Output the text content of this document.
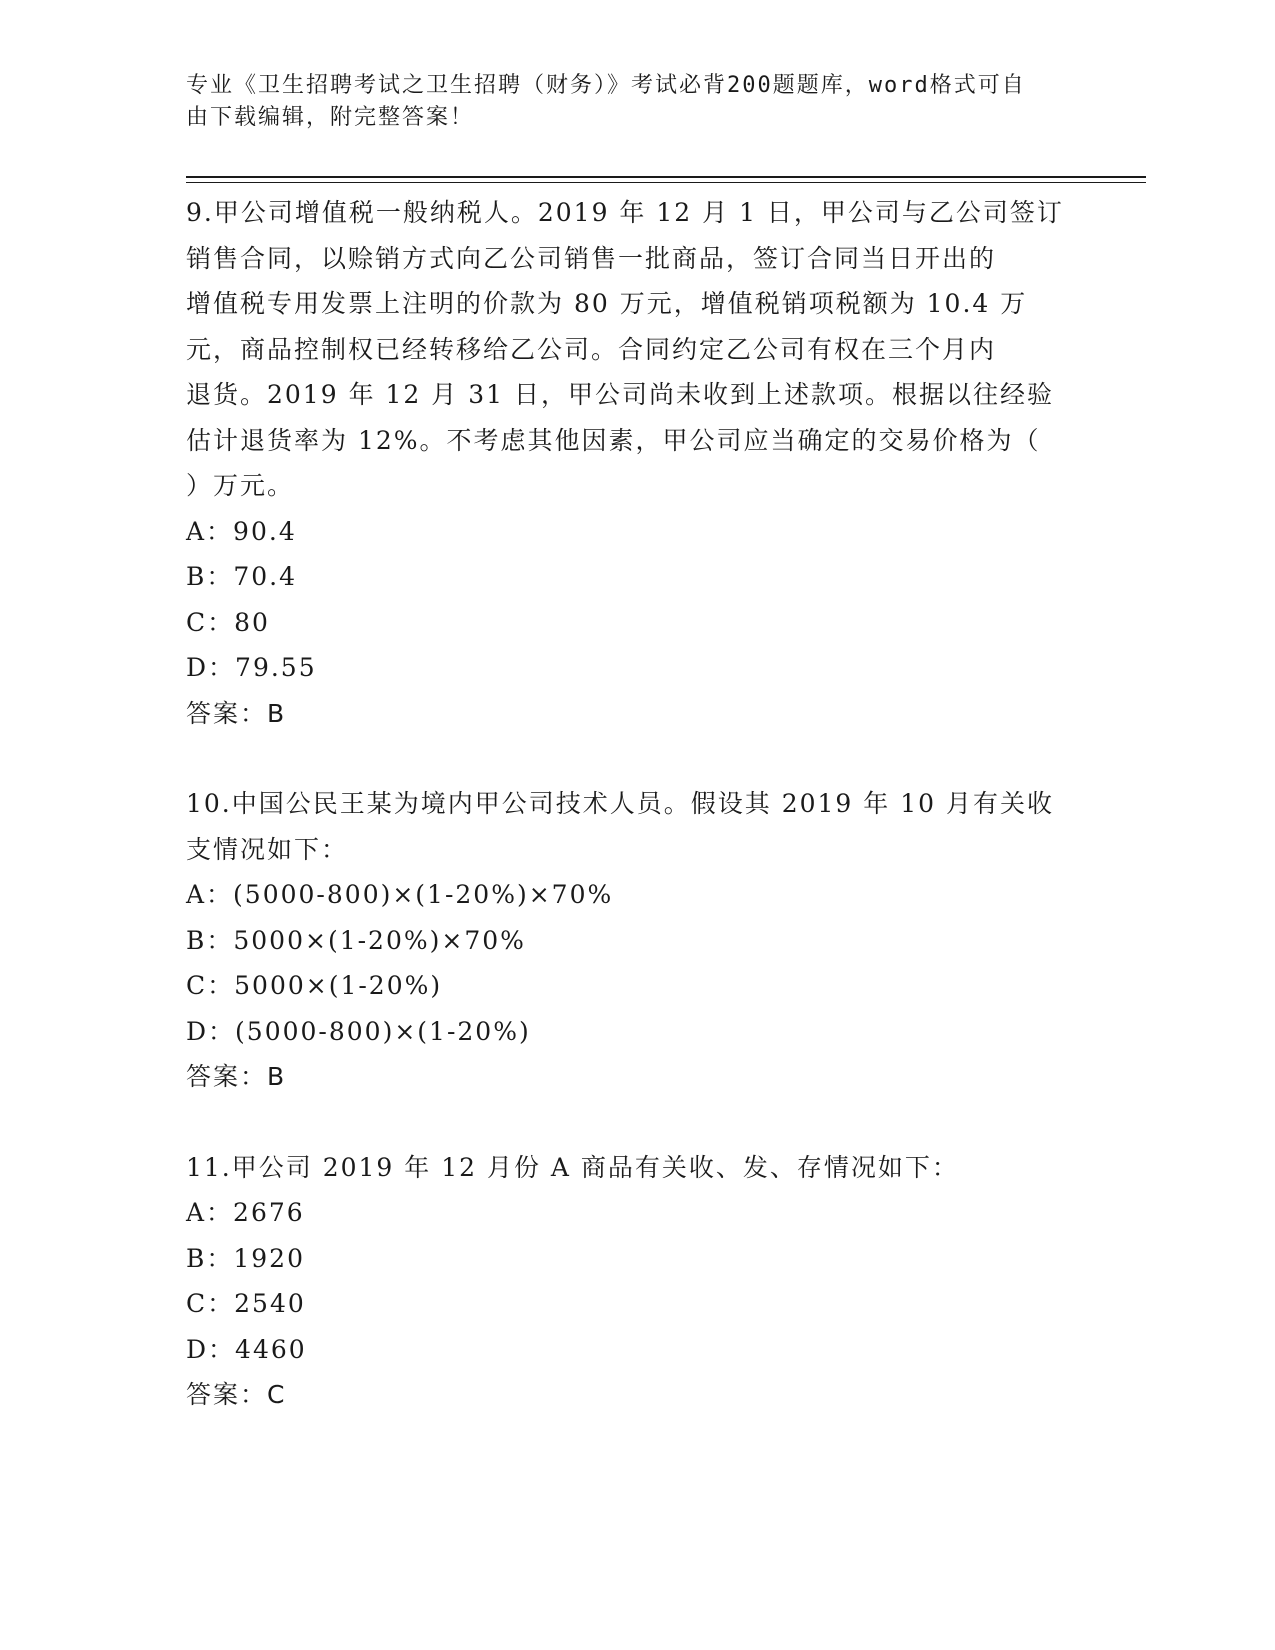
专业《卫生招聘考试之卫生招聘（财务）》考试必背200题题库，word格式可自
由下载编辑，附完整答案！
9.甲公司增值税一般纳税人。2019 年 12 月 1 日，甲公司与乙公司签订
销售合同，以赊销方式向乙公司销售一批商品，签订合同当日开出的
增值税专用发票上注明的价款为 80 万元，增值税销项税额为 10.4 万
元，商品控制权已经转移给乙公司。合同约定乙公司有权在三个月内
退货。2019 年 12 月 31 日，甲公司尚未收到上述款项。根据以往经验
估计退货率为 12%。不考虑其他因素，甲公司应当确定的交易价格为（
）万元。
A：90.4
B：70.4
C：80
D：79.55
答案：B
10.中国公民王某为境内甲公司技术人员。假设其 2019 年 10 月有关收
支情况如下：
A：(5000-800)×(1-20%)×70%
B：5000×(1-20%)×70%
C：5000×(1-20%)
D：(5000-800)×(1-20%)
答案：B
11.甲公司 2019 年 12 月份 A 商品有关收、发、存情况如下：
A：2676
B：1920
C：2540
D：4460
答案：C
